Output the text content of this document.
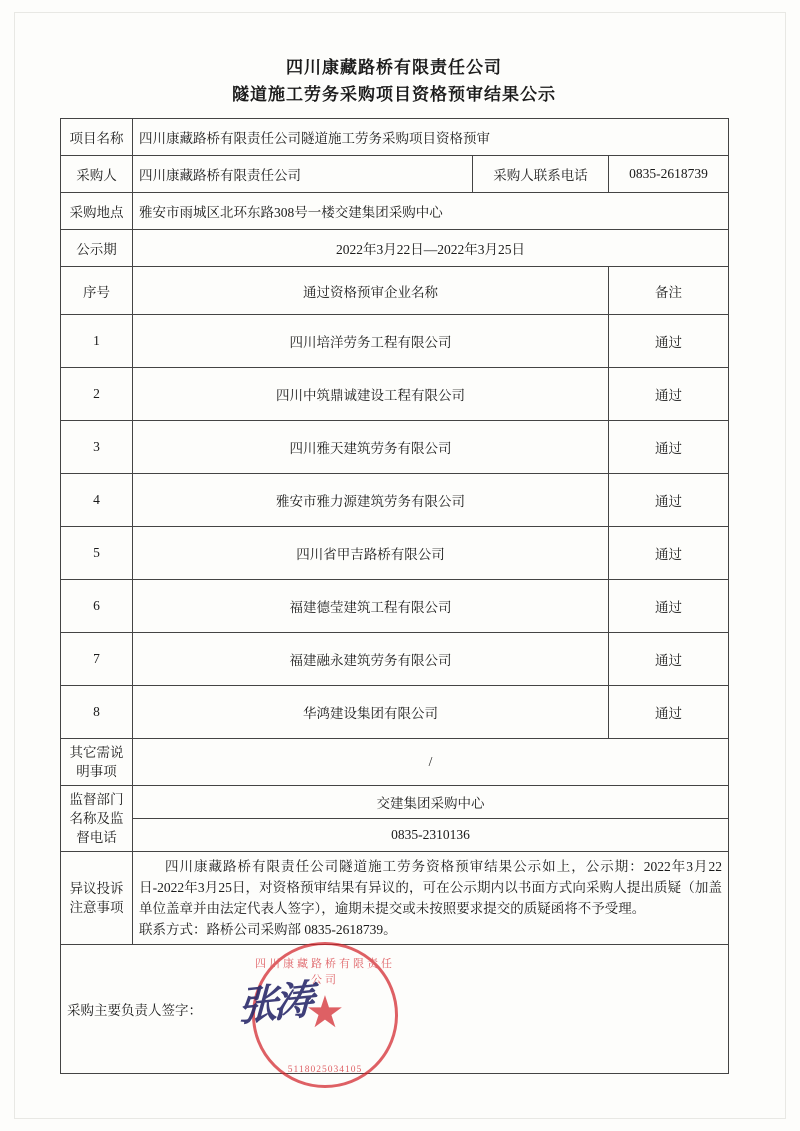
四川康藏路桥有限责任公司
隧道施工劳务采购项目资格预审结果公示
项目名称	四川康藏路桥有限责任公司隧道施工劳务采购项目资格预审		
采购人	四川康藏路桥有限责任公司	采购人联系电话	0835-2618739
采购地点	雅安市雨城区北环东路308号一楼交建集团采购中心		
公示期	2022年3月22日—2022年3月25日		
序号	通过资格预审企业名称		备注
1	四川培洋劳务工程有限公司		通过
2	四川中筑鼎诚建设工程有限公司		通过
3	四川雅天建筑劳务有限公司		通过
4	雅安市雅力源建筑劳务有限公司		通过
5	四川省甲吉路桥有限公司		通过
6	福建德莹建筑工程有限公司		通过
7	福建融永建筑劳务有限公司		通过
8	华鸿建设集团有限公司		通过
其它需说明事项	/		
监督部门名称及监督电话	交建集团采购中心		
	0835-2310136		
异议投诉注意事项	四川康藏路桥有限责任公司隧道施工劳务资格预审结果公示如上，公示期：2022年3月22日-2022年3月25日，对资格预审结果有异议的，可在公示期内以书面方式向采购人提出质疑（加盖单位盖章并由法定代表人签字），逾期未提交或未按照要求提交的质疑函将不予受理。
联系方式：路桥公司采购部 0835-2618739。		
采购主要负责人签字：			
四川康藏路桥有限责任公司
★
5118025034105
张涛
